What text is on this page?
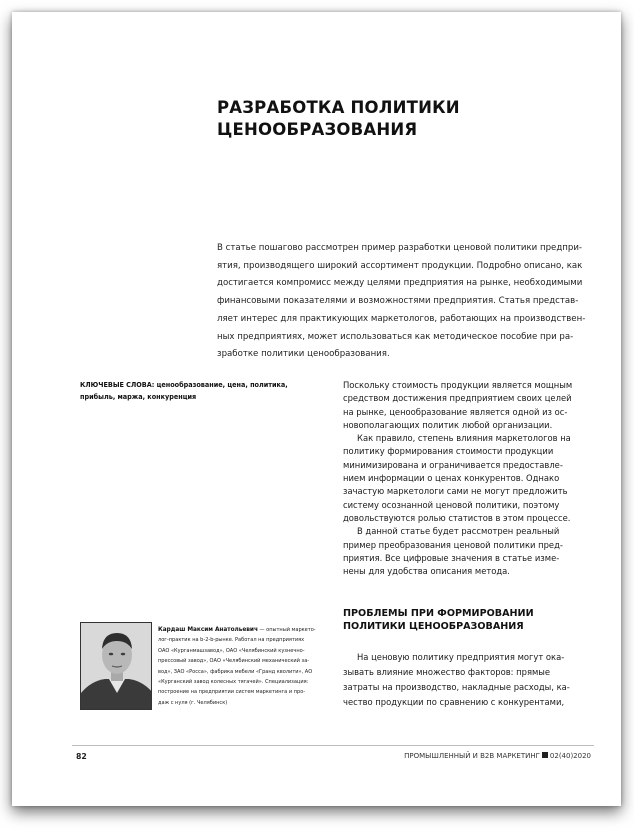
РАЗРАБОТКА ПОЛИТИКИ
ЦЕНООБРАЗОВАНИЯ
В статье пошагово рассмотрен пример разработки ценовой политики предпри-
ятия, производящего широкий ассортимент продукции. Подробно описано, как
достигается компромисс между целями предприятия на рынке, необходимыми
финансовыми показателями и возможностями предприятия. Статья представ-
ляет интерес для практикующих маркетологов, работающих на производствен-
ных предприятиях, может использоваться как методическое пособие при ра-
зработке политики ценообразования.
КЛЮЧЕВЫЕ СЛОВА: ценообразование, цена, политика,
прибыль, маржа, конкуренция
Поскольку стоимость продукции является мощным
средством достижения предприятием своих целей
на рынке, ценообразование является одной из ос-
новополагающих политик любой организации.
Как правило, степень влияния маркетологов на
политику формирования стоимости продукции
минимизирована и ограничивается предоставле-
нием информации о ценах конкурентов. Однако
зачастую маркетологи сами не могут предложить
систему осознанной ценовой политики, поэтому
довольствуются ролью статистов в этом процессе.
В данной статье будет рассмотрен реальный
пример преобразования ценовой политики пред-
приятия. Все цифровые значения в статье изме-
нены для удобства описания метода.
ПРОБЛЕМЫ ПРИ ФОРМИРОВАНИИ
ПОЛИТИКИ ЦЕНООБРАЗОВАНИЯ
На ценовую политику предприятия могут ока-
зывать влияние множество факторов: прямые
затраты на производство, накладные расходы, ка-
чество продукции по сравнению с конкурентами,
Кардаш Максим Анатольевич — опытный маркето-
лог-практик на b-2-b-рынке. Работал на предприятиях
ОАО «Курганмашзавод», ОАО «Челябинский кузнечно-
прессовый завод», ОАО «Челябинский механический за-
вод», ЗАО «Росса», фабрика мебели «Гранд кволити», АО
«Курганский завод колесных тягачей». Специализация:
построение на предприятии систем маркетинга и про-
даж с нуля (г. Челябинск)
82	ПРОМЫШЛЕННЫЙ И B2B МАРКЕТИНГ 02(40)2020
